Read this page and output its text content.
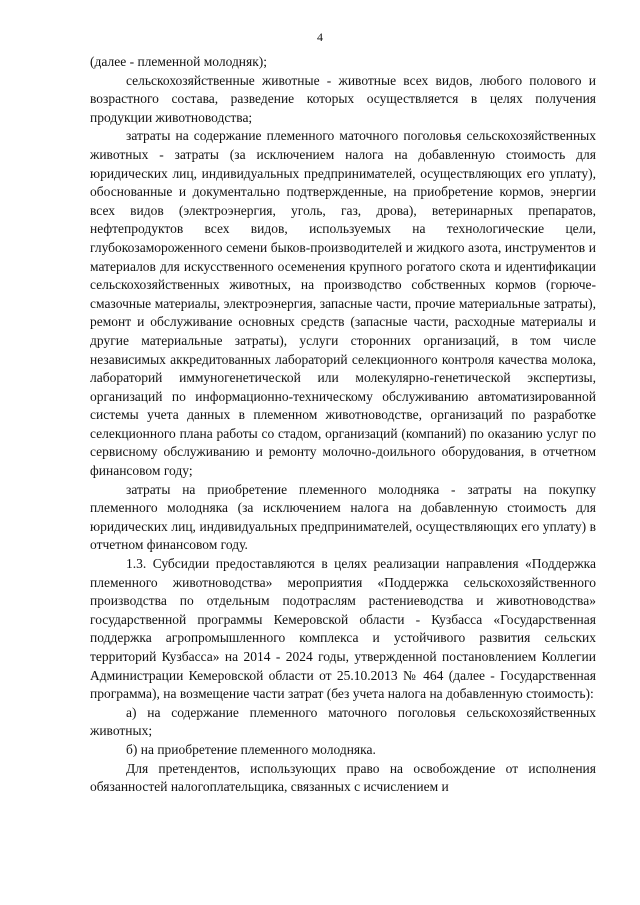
4

(далее - племенной молодняк);

сельскохозяйственные животные - животные всех видов, любого полового и возрастного состава, разведение которых осуществляется в целях получения продукции животноводства;

затраты на содержание племенного маточного поголовья сельскохозяйственных животных - затраты (за исключением налога на добавленную стоимость для юридических лиц, индивидуальных предпринимателей, осуществляющих его уплату), обоснованные и документально подтвержденные, на приобретение кормов, энергии всех видов (электроэнергия, уголь, газ, дрова), ветеринарных препаратов, нефтепродуктов всех видов, используемых на технологические цели, глубокозамороженного семени быков-производителей и жидкого азота, инструментов и материалов для искусственного осеменения крупного рогатого скота и идентификации сельскохозяйственных животных, на производство собственных кормов (горюче-смазочные материалы, электроэнергия, запасные части, прочие материальные затраты), ремонт и обслуживание основных средств (запасные части, расходные материалы и другие материальные затраты), услуги сторонних организаций, в том числе независимых аккредитованных лабораторий селекционного контроля качества молока, лабораторий иммуногенетической или молекулярно-генетической экспертизы, организаций по информационно-техническому обслуживанию автоматизированной системы учета данных в племенном животноводстве, организаций по разработке селекционного плана работы со стадом, организаций (компаний) по оказанию услуг по сервисному обслуживанию и ремонту молочно-доильного оборудования, в отчетном финансовом году;

затраты на приобретение племенного молодняка - затраты на покупку племенного молодняка (за исключением налога на добавленную стоимость для юридических лиц, индивидуальных предпринимателей, осуществляющих его уплату) в отчетном финансовом году.

1.3. Субсидии предоставляются в целях реализации направления «Поддержка племенного животноводства» мероприятия «Поддержка сельскохозяйственного производства по отдельным подотраслям растениеводства и животноводства» государственной программы Кемеровской области - Кузбасса «Государственная поддержка агропромышленного комплекса и устойчивого развития сельских территорий Кузбасса» на 2014 - 2024 годы, утвержденной постановлением Коллегии Администрации Кемеровской области от 25.10.2013 № 464 (далее - Государственная программа), на возмещение части затрат (без учета налога на добавленную стоимость):

а) на содержание племенного маточного поголовья сельскохозяйственных животных;

б) на приобретение племенного молодняка.

Для претендентов, использующих право на освобождение от исполнения обязанностей налогоплательщика, связанных с исчислением и
